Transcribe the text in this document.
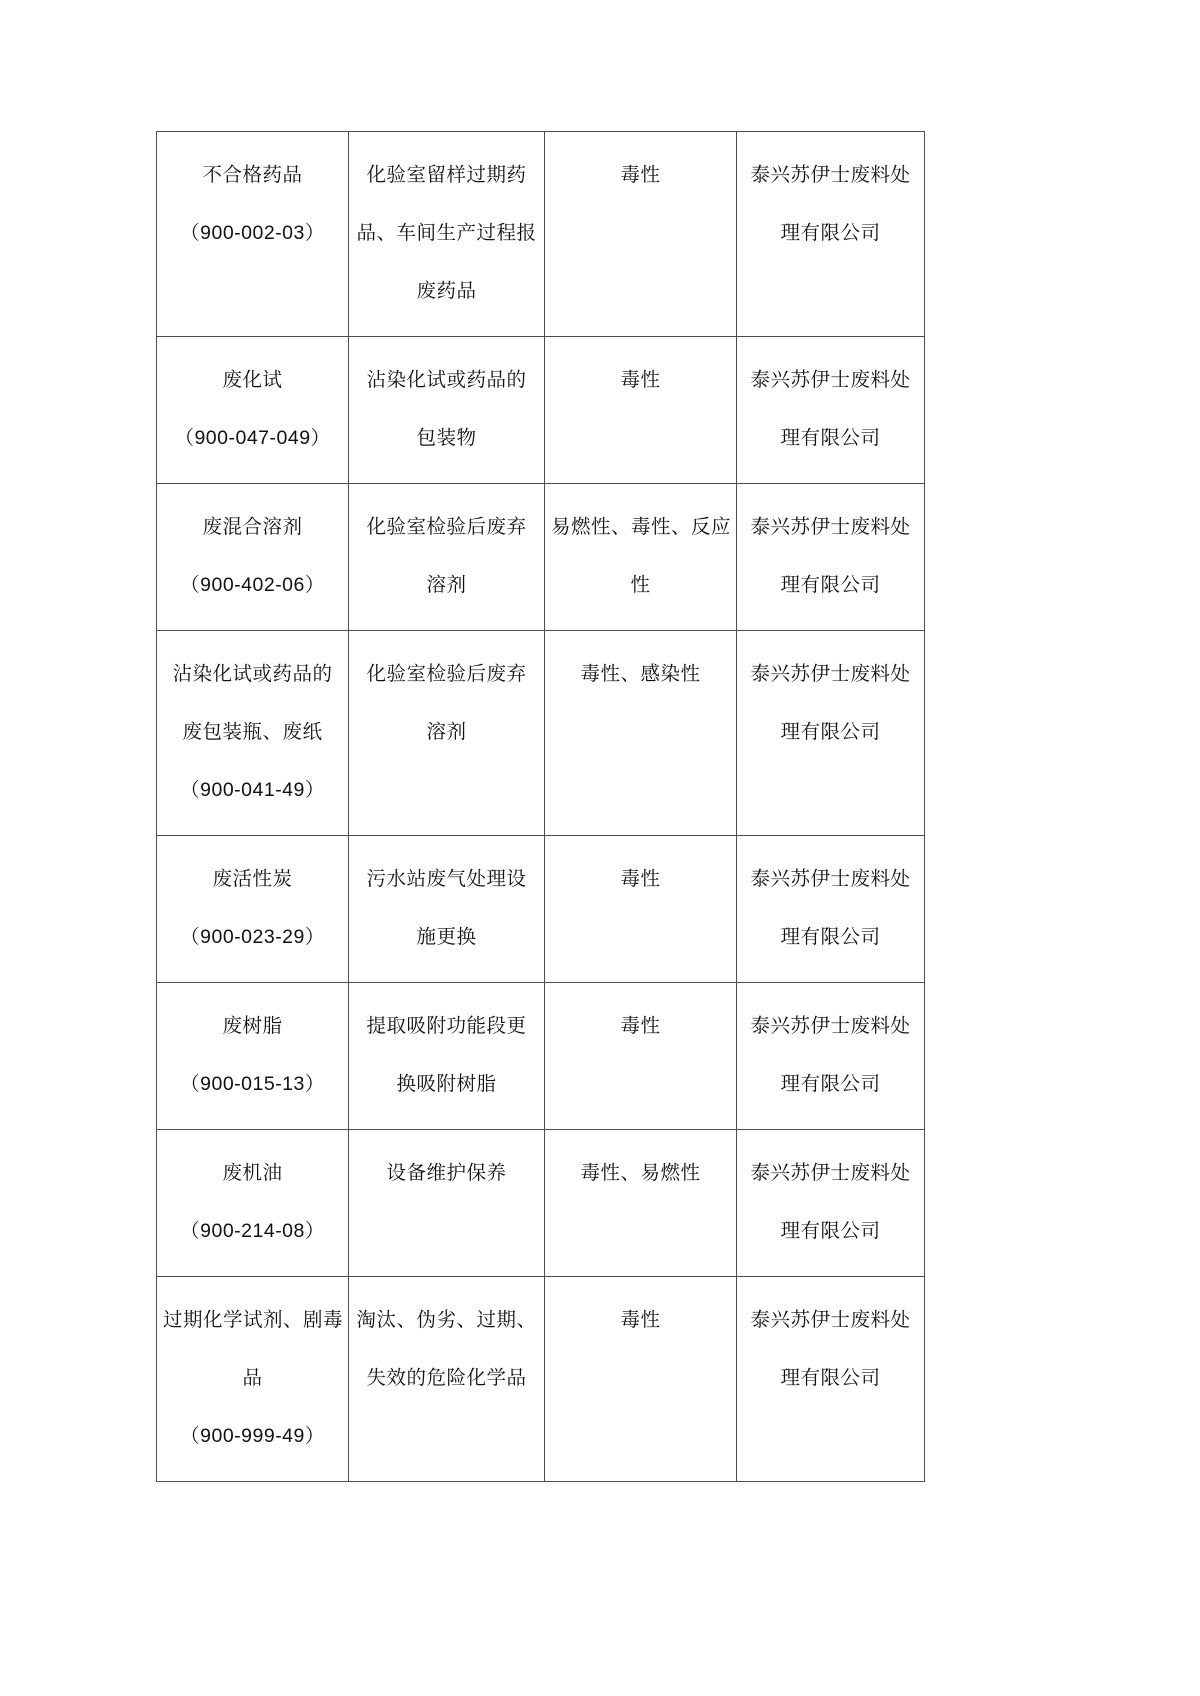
不合格药品
（900-002-03）	化验室留样过期药
品、车间生产过程报
废药品	毒性	泰兴苏伊士废料处
理有限公司

废化试
（900-047-049）	沾染化试或药品的
包装物	毒性	泰兴苏伊士废料处
理有限公司

废混合溶剂
（900-402-06）	化验室检验后废弃
溶剂	易燃性、毒性、反应
性	泰兴苏伊士废料处
理有限公司

沾染化试或药品的
废包装瓶、废纸
（900-041-49）	化验室检验后废弃
溶剂	毒性、感染性	泰兴苏伊士废料处
理有限公司

废活性炭
（900-023-29）	污水站废气处理设
施更换	毒性	泰兴苏伊士废料处
理有限公司

废树脂
（900-015-13）	提取吸附功能段更
换吸附树脂	毒性	泰兴苏伊士废料处
理有限公司

废机油
（900-214-08）	设备维护保养	毒性、易燃性	泰兴苏伊士废料处
理有限公司

过期化学试剂、剧毒
品
（900-999-49）	淘汰、伪劣、过期、
失效的危险化学品	毒性	泰兴苏伊士废料处
理有限公司
